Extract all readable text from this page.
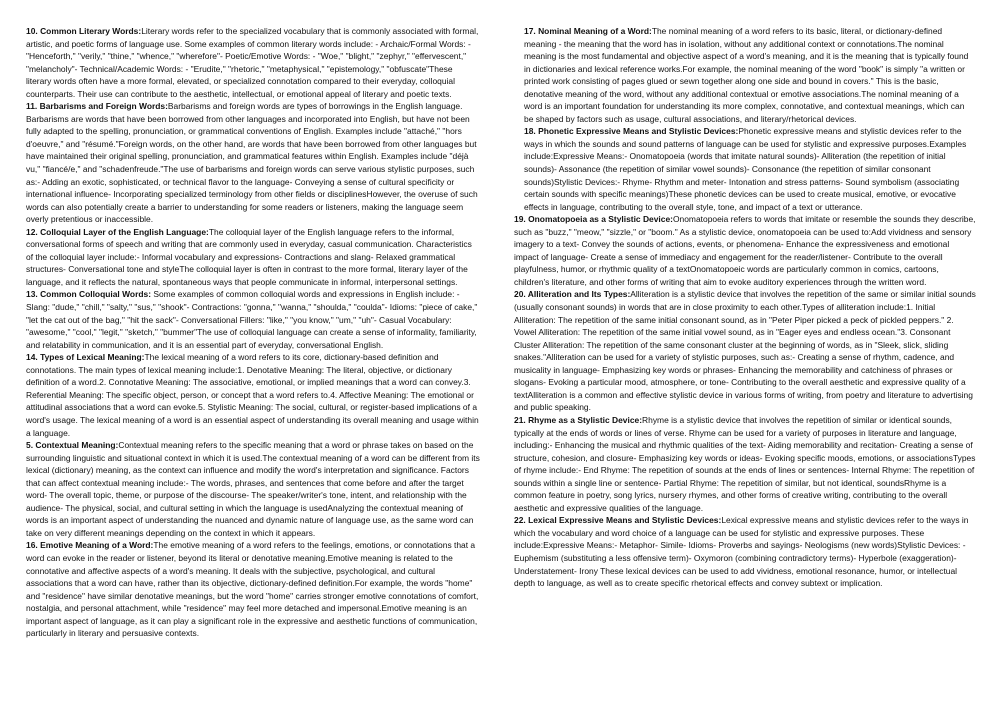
10. Common Literary Words:Literary words refer to the specialized vocabulary that is commonly associated with formal, artistic, and poetic forms of language use. Some examples of common literary words include: - Archaic/Formal Words: - "Henceforth," "verily," "thine," "whence," "wherefore"- Poetic/Emotive Words: - "Woe," "blight," "zephyr," "effervescent," "melancholy"- Technical/Academic Words: - "Erudite," "rhetoric," "metaphysical," "epistemology," "obfuscate"These literary words often have a more formal, elevated, or specialized connotation compared to their everyday, colloquial counterparts. Their use can contribute to the aesthetic, intellectual, or emotional appeal of literary and poetic texts.

11. Barbarisms and Foreign Words:Barbarisms and foreign words are types of borrowings in the English language. Barbarisms are words that have been borrowed from other languages and incorporated into English, but have not been fully adapted to the spelling, pronunciation, or grammatical conventions of English. Examples include "attaché," "hors d'oeuvre," and "résumé."Foreign words, on the other hand, are words that have been borrowed from other languages but have maintained their original spelling, pronunciation, and grammatical features within English. Examples include "déjà vu," "fiancé/e," and "schadenfreude."The use of barbarisms and foreign words can serve various stylistic purposes, such as:- Adding an exotic, sophisticated, or technical flavor to the language- Conveying a sense of cultural specificity or international influence- Incorporating specialized terminology from other fields or disciplinesHowever, the overuse of such words can also potentially create a barrier to understanding for some readers or listeners, making the language seem overly pretentious or inaccessible.

12. Colloquial Layer of the English Language:The colloquial layer of the English language refers to the informal, conversational forms of speech and writing that are commonly used in everyday, casual communication. Characteristics of the colloquial layer include:- Informal vocabulary and expressions- Contractions and slang- Relaxed grammatical structures- Conversational tone and styleThe colloquial layer is often in contrast to the more formal, literary layer of the language, and it reflects the natural, spontaneous ways that people communicate in informal, interpersonal settings.

13. Common Colloquial Words: Some examples of common colloquial words and expressions in English include: - Slang: "dude," "chill," "salty," "sus," "shook"- Contractions: "gonna," "wanna," "shoulda," "coulda"- Idioms: "piece of cake," "let the cat out of the bag," "hit the sack"- Conversational Fillers: "like," "you know," "um," "uh"- Casual Vocabulary: "awesome," "cool," "legit," "sketch," "bummer"The use of colloquial language can create a sense of informality, familiarity, and relatability in communication, and it is an essential part of everyday, conversational English.

14. Types of Lexical Meaning:The lexical meaning of a word refers to its core, dictionary-based definition and connotations. The main types of lexical meaning include:1. Denotative Meaning: The literal, objective, or dictionary definition of a word.2. Connotative Meaning: The associative, emotional, or implied meanings that a word can convey.3. Referential Meaning: The specific object, person, or concept that a word refers to.4. Affective Meaning: The emotional or attitudinal associations that a word can evoke.5. Stylistic Meaning: The social, cultural, or register-based implications of a word's usage. The lexical meaning of a word is an essential aspect of understanding its overall meaning and usage within a language.

5. Contextual Meaning:Contextual meaning refers to the specific meaning that a word or phrase takes on based on the surrounding linguistic and situational context in which it is used.The contextual meaning of a word can be different from its lexical (dictionary) meaning, as the context can influence and modify the word's interpretation and significance. Factors that can affect contextual meaning include:- The words, phrases, and sentences that come before and after the target word- The overall topic, theme, or purpose of the discourse- The speaker/writer's tone, intent, and relationship with the audience- The physical, social, and cultural setting in which the language is usedAnalyzing the contextual meaning of words is an important aspect of understanding the nuanced and dynamic nature of language use, as the same word can take on very different meanings depending on the context in which it appears.

16. Emotive Meaning of a Word:The emotive meaning of a word refers to the feelings, emotions, or connotations that a word can evoke in the reader or listener, beyond its literal or denotative meaning.Emotive meaning is related to the connotative and affective aspects of a word's meaning. It deals with the subjective, psychological, and cultural associations that a word can have, rather than its objective, dictionary-defined definition.For example, the words "home" and "residence" have similar denotative meanings, but the word "home" carries stronger emotive connotations of comfort, nostalgia, and personal attachment, while "residence" may feel more detached and impersonal.Emotive meaning is an important aspect of language, as it can play a significant role in the expressive and aesthetic functions of communication, particularly in literary and persuasive contexts.

17. Nominal Meaning of a Word:The nominal meaning of a word refers to its basic, literal, or dictionary-defined meaning - the meaning that the word has in isolation, without any additional context or connotations.The nominal meaning is the most fundamental and objective aspect of a word's meaning, and it is the meaning that is typically found in dictionaries and lexical reference works.For example, the nominal meaning of the word "book" is simply "a written or printed work consisting of pages glued or sewn together along one side and bound in covers." This is the basic, denotative meaning of the word, without any additional contextual or emotive associations.The nominal meaning of a word is an important foundation for understanding its more complex, connotative, and contextual meanings, which can be shaped by factors such as usage, cultural associations, and literary/rhetorical devices.

18. Phonetic Expressive Means and Stylistic Devices:Phonetic expressive means and stylistic devices refer to the ways in which the sounds and sound patterns of language can be used for stylistic and expressive purposes.Examples include:Expressive Means:- Onomatopoeia (words that imitate natural sounds)- Alliteration (the repetition of initial sounds)- Assonance (the repetition of similar vowel sounds)- Consonance (the repetition of similar consonant sounds)Stylistic Devices:- Rhyme- Rhythm and meter- Intonation and stress patterns- Sound symbolism (associating certain sounds with specific meanings)These phonetic devices can be used to create musical, emotive, or evocative effects in language, contributing to the overall style, tone, and impact of a text or utterance.

19. Onomatopoeia as a Stylistic Device:Onomatopoeia refers to words that imitate or resemble the sounds they describe, such as "buzz," "meow," "sizzle," or "boom." As a stylistic device, onomatopoeia can be used to:Add vividness and sensory imagery to a text- Convey the sounds of actions, events, or phenomena- Enhance the expressiveness and emotional impact of language- Create a sense of immediacy and engagement for the reader/listener- Contribute to the overall playfulness, humor, or rhythmic quality of a textOnomatopoeic words are particularly common in comics, cartoons, children's literature, and other forms of writing that aim to evoke auditory experiences through the written word.

20. Alliteration and Its Types:Alliteration is a stylistic device that involves the repetition of the same or similar initial sounds (usually consonant sounds) in words that are in close proximity to each other.Types of alliteration include:1. Initial Alliteration: The repetition of the same initial consonant sound, as in "Peter Piper picked a peck of pickled peppers." 2. Vowel Alliteration: The repetition of the same initial vowel sound, as in "Eager eyes and endless ocean."3. Consonant Cluster Alliteration: The repetition of the same consonant cluster at the beginning of words, as in "Sleek, slick, sliding snakes."Alliteration can be used for a variety of stylistic purposes, such as:- Creating a sense of rhythm, cadence, and musicality in language- Emphasizing key words or phrases- Enhancing the memorability and catchiness of phrases or slogans- Evoking a particular mood, atmosphere, or tone- Contributing to the overall aesthetic and expressive quality of a textAlliteration is a common and effective stylistic device in various forms of writing, from poetry and literature to advertising and public speaking.

21. Rhyme as a Stylistic Device:Rhyme is a stylistic device that involves the repetition of similar or identical sounds, typically at the ends of words or lines of verse. Rhyme can be used for a variety of purposes in literature and language, including:- Enhancing the musical and rhythmic qualities of the text- Aiding memorability and recitation- Creating a sense of structure, cohesion, and closure- Emphasizing key words or ideas- Evoking specific moods, emotions, or associationsTypes of rhyme include:- End Rhyme: The repetition of sounds at the ends of lines or sentences- Internal Rhyme: The repetition of sounds within a single line or sentence- Partial Rhyme: The repetition of similar, but not identical, soundsRhyme is a common feature in poetry, song lyrics, nursery rhymes, and other forms of creative writing, contributing to the overall aesthetic and expressive qualities of the language.

22. Lexical Expressive Means and Stylistic Devices:Lexical expressive means and stylistic devices refer to the ways in which the vocabulary and word choice of a language can be used for stylistic and expressive purposes. These include:Expressive Means:- Metaphor- Simile- Idioms- Proverbs and sayings- Neologisms (new words)Stylistic Devices: - Euphemism (substituting a less offensive term)- Oxymoron (combining contradictory terms)- Hyperbole (exaggeration)- Understatement- Irony These lexical devices can be used to add vividness, emotional resonance, humor, or intellectual depth to language, as well as to create specific rhetorical effects and convey subtext or implication.
